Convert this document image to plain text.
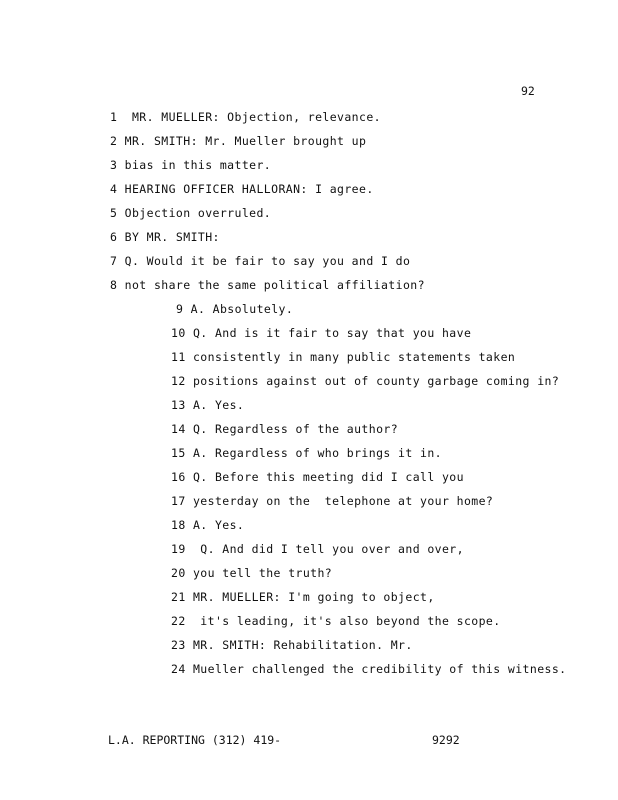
92
1  MR. MUELLER: Objection, relevance.
2 MR. SMITH: Mr. Mueller brought up
3 bias in this matter.
4 HEARING OFFICER HALLORAN: I agree.
5 Objection overruled.
6 BY MR. SMITH:
7 Q. Would it be fair to say you and I do
8 not share the same political affiliation?
9 A. Absolutely.
10 Q. And is it fair to say that you have
11 consistently in many public statements taken
12 positions against out of county garbage coming in?
13 A. Yes.
14 Q. Regardless of the author?
15 A. Regardless of who brings it in.
16 Q. Before this meeting did I call you
17 yesterday on the  telephone at your home?
18 A. Yes.
19  Q. And did I tell you over and over,
20 you tell the truth?
21 MR. MUELLER: I'm going to object,
22  it's leading, it's also beyond the scope.
23 MR. SMITH: Rehabilitation. Mr.
24 Mueller challenged the credibility of this witness.
L.A. REPORTING (312) 419-	9292
